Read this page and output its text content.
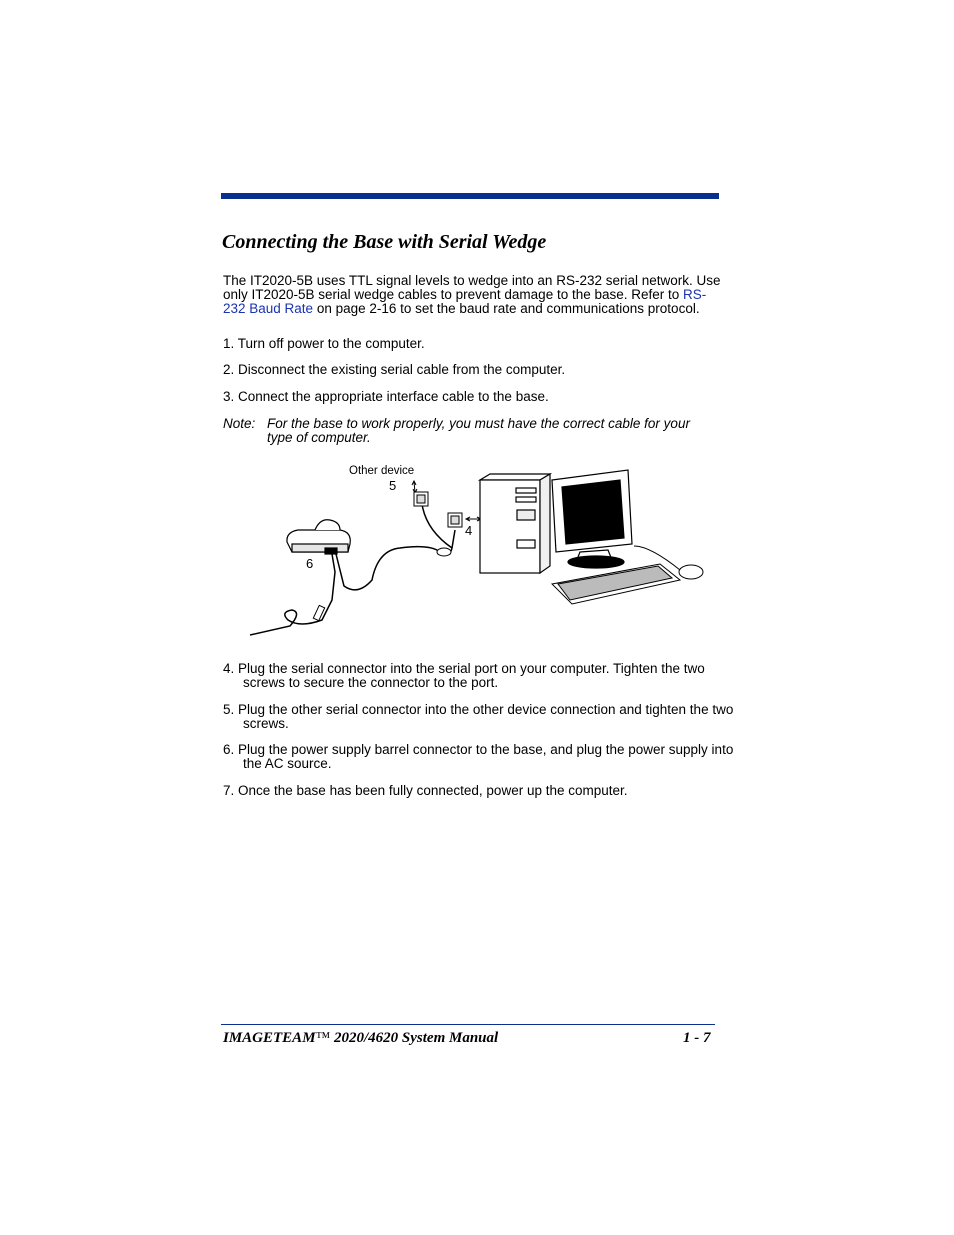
Connecting the Base with Serial Wedge

The IT2020-5B uses TTL signal levels to wedge into an RS-232 serial network. Use only IT2020-5B serial wedge cables to prevent damage to the base. Refer to RS-232 Baud Rate on page 2-16 to set the baud rate and communications protocol.

1. Turn off power to the computer.

2. Disconnect the existing serial cable from the computer.

3. Connect the appropriate interface cable to the base.

Note: For the base to work properly, you must have the correct cable for your type of computer.
Other device
5
4
6

4. Plug the serial connector into the serial port on your computer. Tighten the two screws to secure the connector to the port.

5. Plug the other serial connector into the other device connection and tighten the two screws.

6. Plug the power supply barrel connector to the base, and plug the power supply into the AC source.

7. Once the base has been fully connected, power up the computer.

IMAGETEAM™ 2020/4620 System Manual	1 - 7
